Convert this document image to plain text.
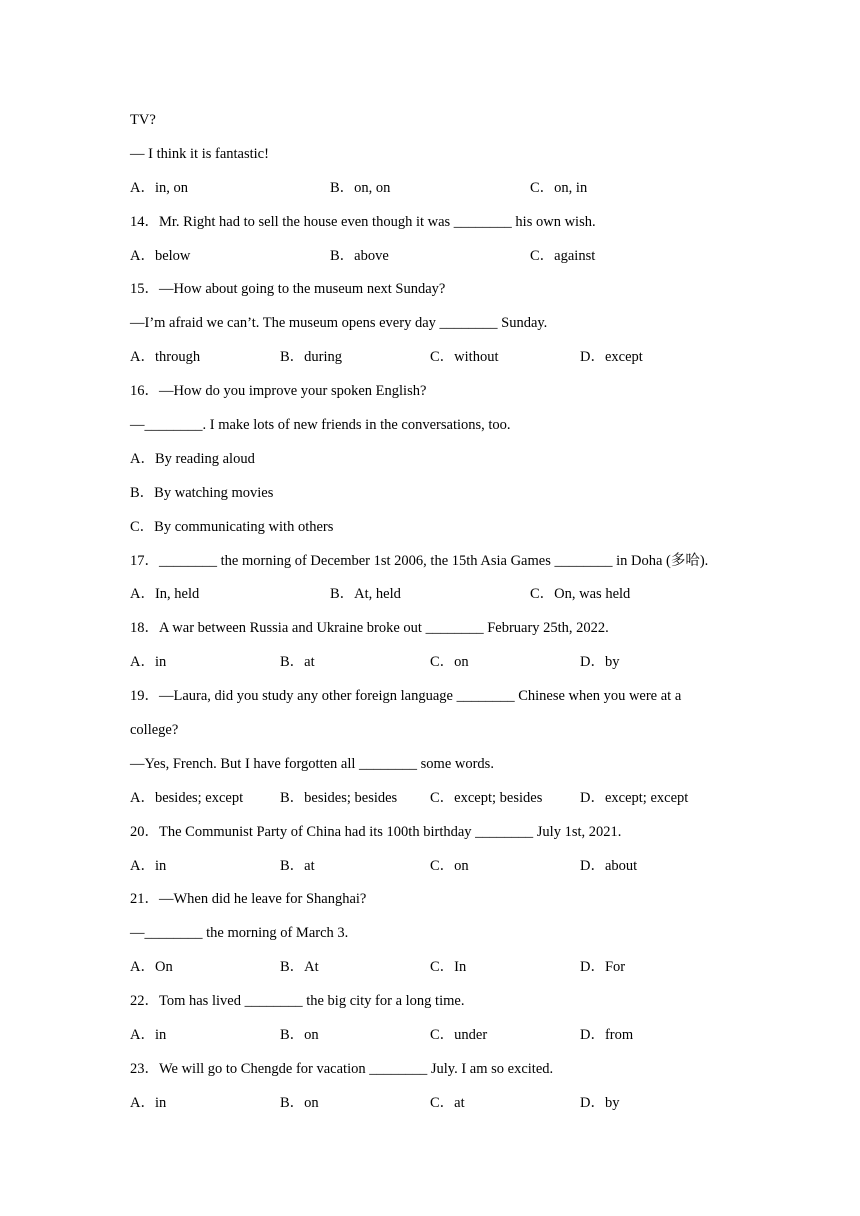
TV?
— I think it is fantastic!
A．in, on	B．on, on	C．on, in
14．Mr. Right had to sell the house even though it was ________ his own wish.
A．below	B．above	C．against
15．—How about going to the museum next Sunday?
—I’m afraid we can’t. The museum opens every day ________ Sunday.
A．through	B．during	C．without	D．except
16．—How do you improve your spoken English?
—________. I make lots of new friends in the conversations, too.
A．By reading aloud
B．By watching movies
C．By communicating with others
17．________ the morning of December 1st 2006, the 15th Asia Games ________ in Doha (多哈).
A．In, held	B．At, held	C．On, was held
18．A war between Russia and Ukraine broke out ________ February 25th, 2022.
A．in	B．at	C．on	D．by
19．—Laura, did you study any other foreign language ________ Chinese when you were at a
college?
—Yes, French. But I have forgotten all ________ some words.
A．besides; except	B．besides; besides C．except; besides	D．except; except
20．The Communist Party of China had its 100th birthday ________ July 1st, 2021.
A．in	B．at	C．on	D．about
21．—When did he leave for Shanghai?
—________ the morning of March 3.
A．On	B．At	C．In	D．For
22．Tom has lived ________ the big city for a long time.
A．in	B．on	C．under	D．from
23．We will go to Chengde for vacation ________ July. I am so excited.
A．in	B．on	C．at	D．by
